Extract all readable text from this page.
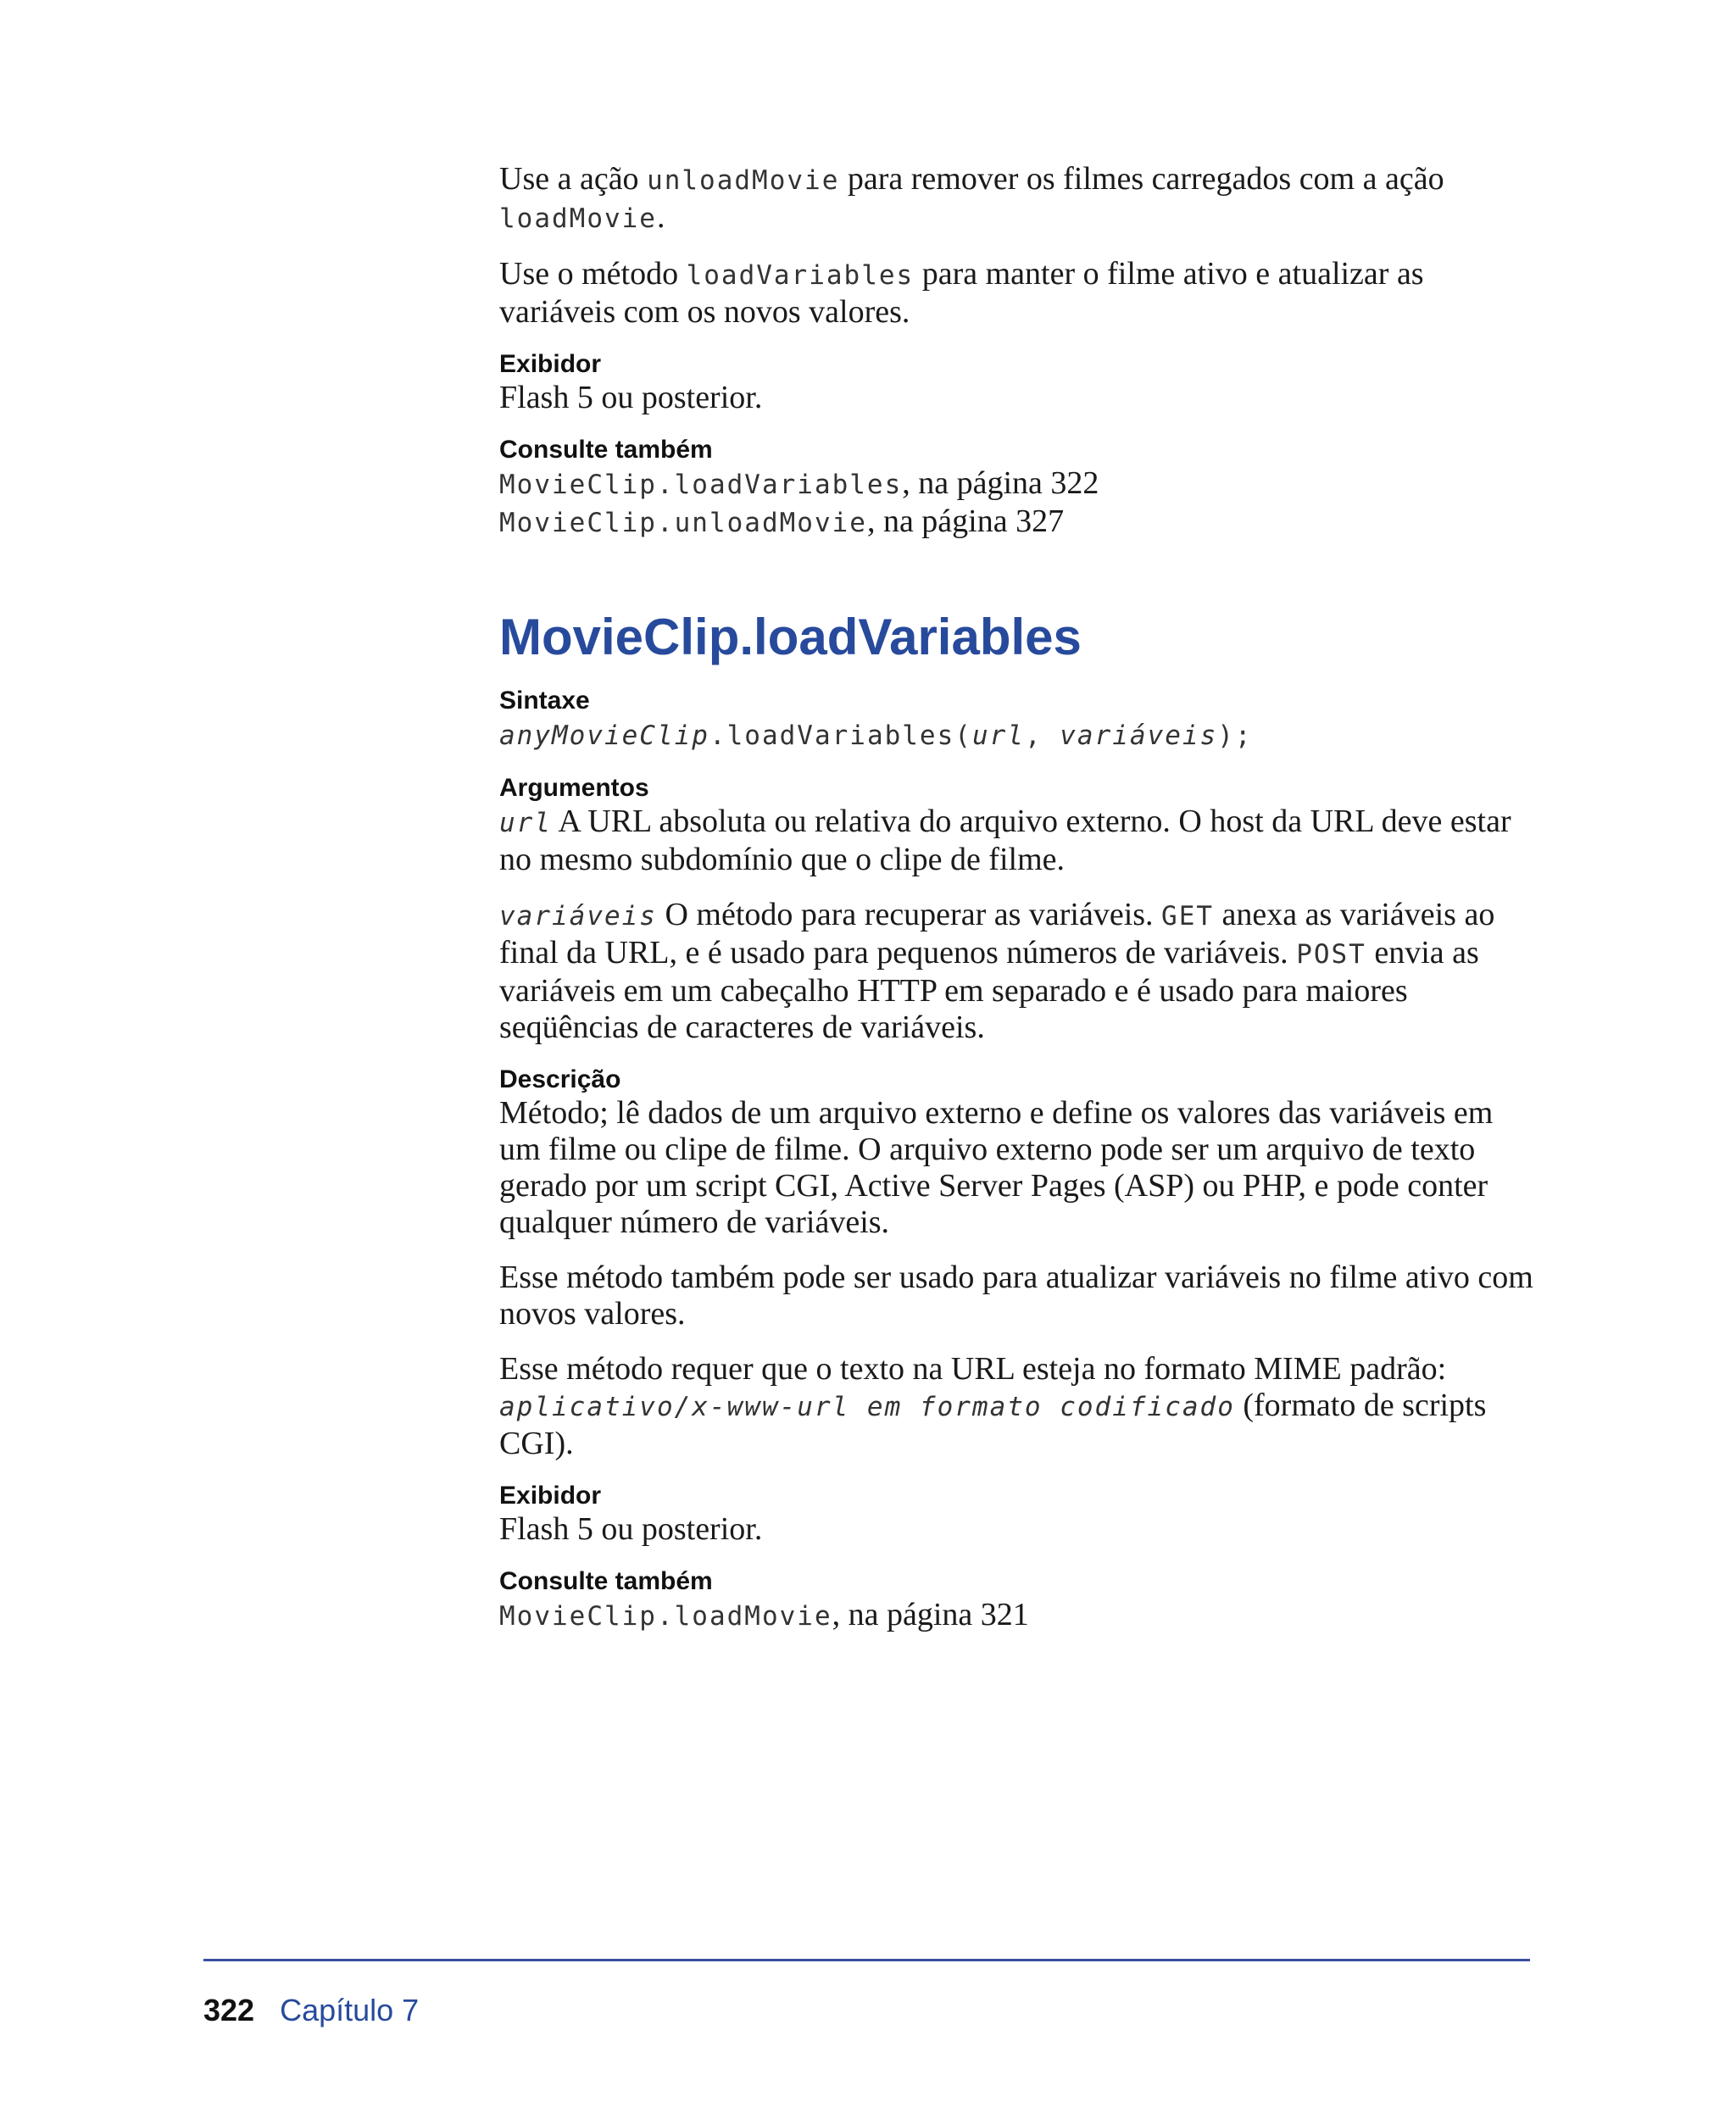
Use a ação unloadMovie para remover os filmes carregados com a ação loadMovie.

Use o método loadVariables para manter o filme ativo e atualizar as variáveis com os novos valores.

Exibidor

Flash 5 ou posterior.

Consulte também

MovieClip.loadVariables, na página 322
MovieClip.unloadMovie, na página 327

MovieClip.loadVariables
Sintaxe

anyMovieClip.loadVariables(url, variáveis);

Argumentos

url A URL absoluta ou relativa do arquivo externo. O host da URL deve estar no mesmo subdomínio que o clipe de filme.

variáveis O método para recuperar as variáveis. GET anexa as variáveis ao final da URL, e é usado para pequenos números de variáveis. POST envia as variáveis em um cabeçalho HTTP em separado e é usado para maiores seqüências de caracteres de variáveis.

Descrição

Método; lê dados de um arquivo externo e define os valores das variáveis em um filme ou clipe de filme. O arquivo externo pode ser um arquivo de texto gerado por um script CGI, Active Server Pages (ASP) ou PHP, e pode conter qualquer número de variáveis.

Esse método também pode ser usado para atualizar variáveis no filme ativo com novos valores.

Esse método requer que o texto na URL esteja no formato MIME padrão: aplicativo/x-www-url em formato codificado (formato de scripts CGI).

Exibidor

Flash 5 ou posterior.

Consulte também

MovieClip.loadMovie, na página 321

322 Capítulo 7
